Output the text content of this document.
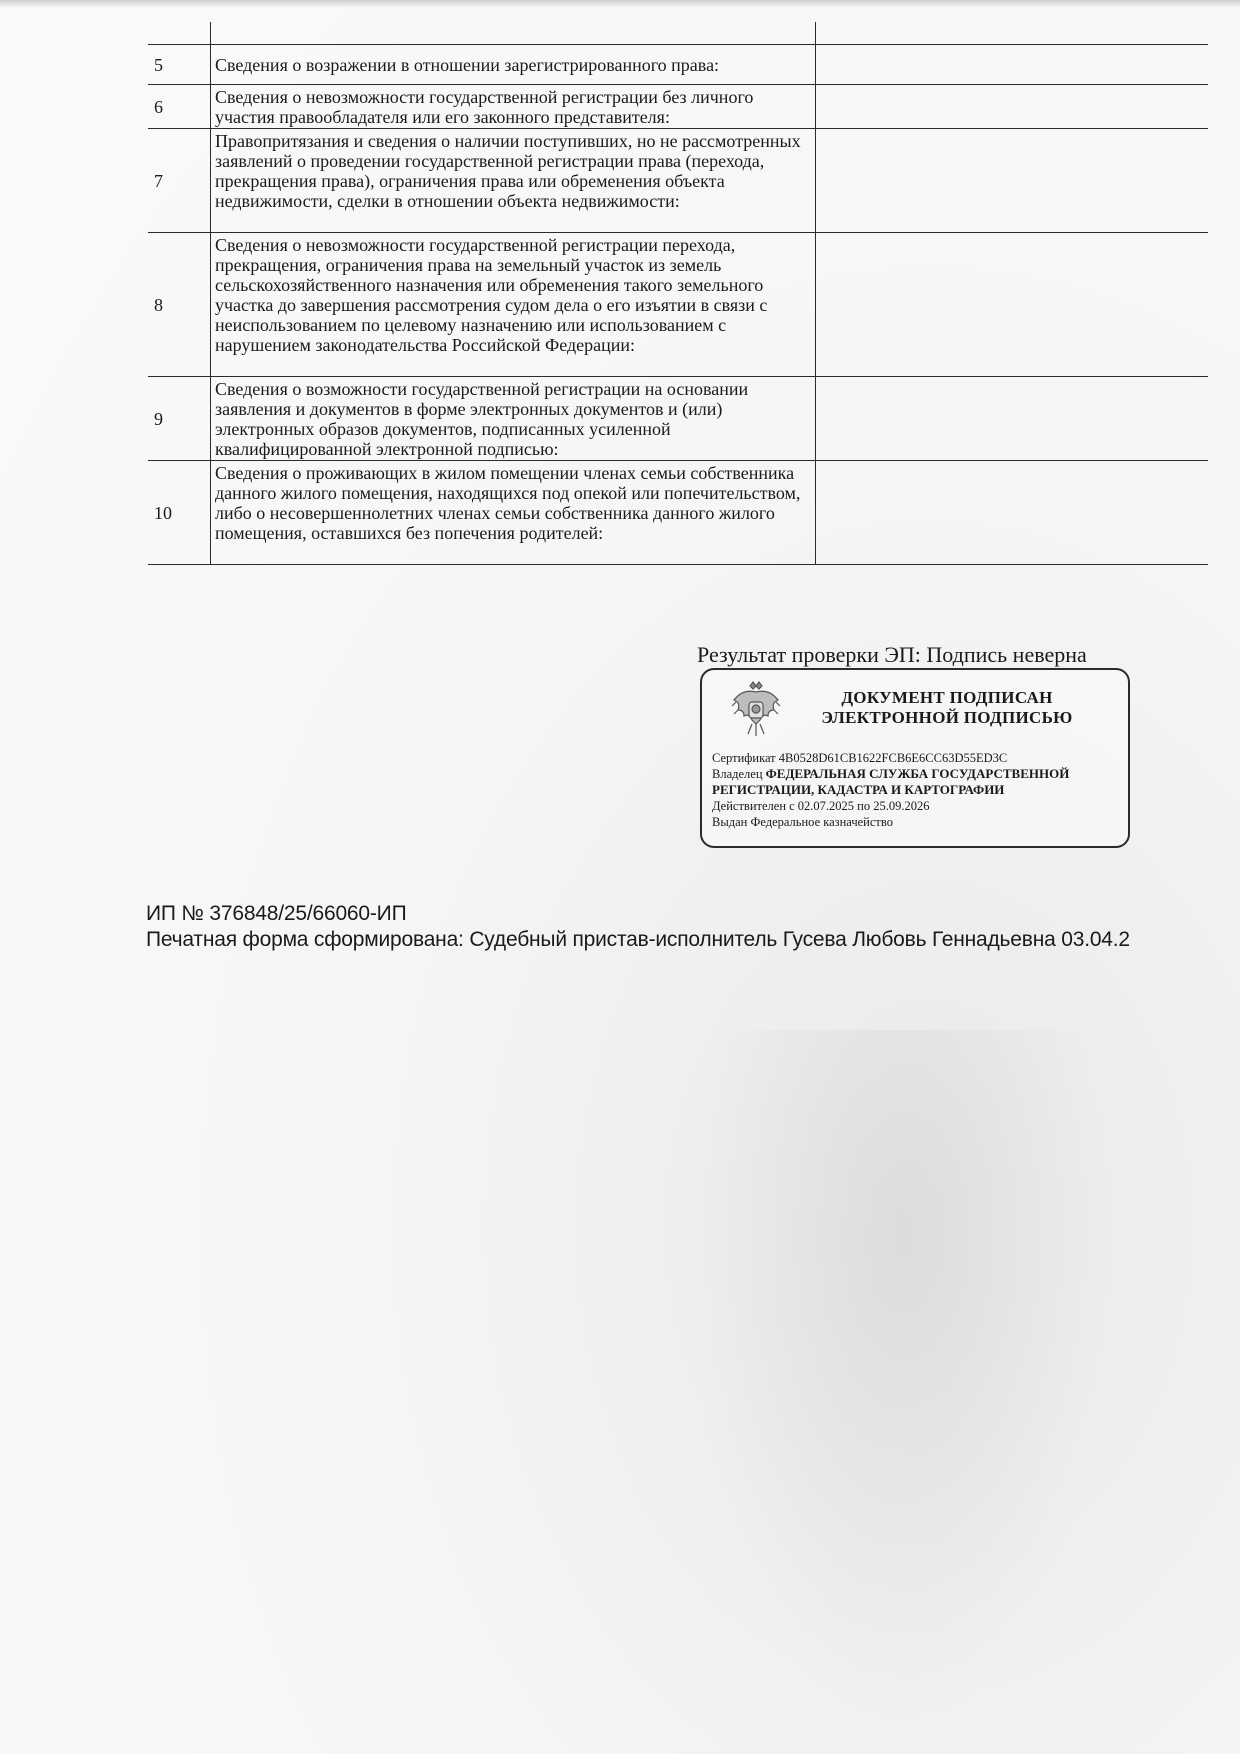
5	Сведения о возражении в отношении зарегистрированного права:	
6	Сведения о невозможности государственной регистрации без личного участия правообладателя или его законного представителя:	
7	Правопритязания и сведения о наличии поступивших, но не рассмотренных заявлений о проведении государственной регистрации права (перехода, прекращения права), ограничения права или обременения объекта недвижимости, сделки в отношении объекта недвижимости:	
8	Сведения о невозможности государственной регистрации перехода, прекращения, ограничения права на земельный участок из земель сельскохозяйственного назначения или обременения такого земельного участка до завершения рассмотрения судом дела о его изъятии в связи с неиспользованием по целевому назначению или использованием с нарушением законодательства Российской Федерации:	
9	Сведения о возможности государственной регистрации на основании заявления и документов в форме электронных документов и (или) электронных образов документов, подписанных усиленной квалифицированной электронной подписью:	
10	Сведения о проживающих в жилом помещении членах семьи собственника данного жилого помещения, находящихся под опекой или попечительством, либо о несовершеннолетних членах семьи собственника данного жилого помещения, оставшихся без попечения родителей:	
Результат проверки ЭП: Подпись неверна
ДОКУМЕНТ ПОДПИСАН
ЭЛЕКТРОННОЙ ПОДПИСЬЮ
Сертификат 4B0528D61CB1622FCB6E6CC63D55ED3C
Владелец ФЕДЕРАЛЬНАЯ СЛУЖБА ГОСУДАРСТВЕННОЙ
РЕГИСТРАЦИИ, КАДАСТРА И КАРТОГРАФИИ
Действителен с 02.07.2025 по 25.09.2026
Выдан Федеральное казначейство
ИП № 376848/25/66060-ИП
Печатная форма сформирована: Судебный пристав-исполнитель Гусева Любовь Геннадьевна 03.04.2
